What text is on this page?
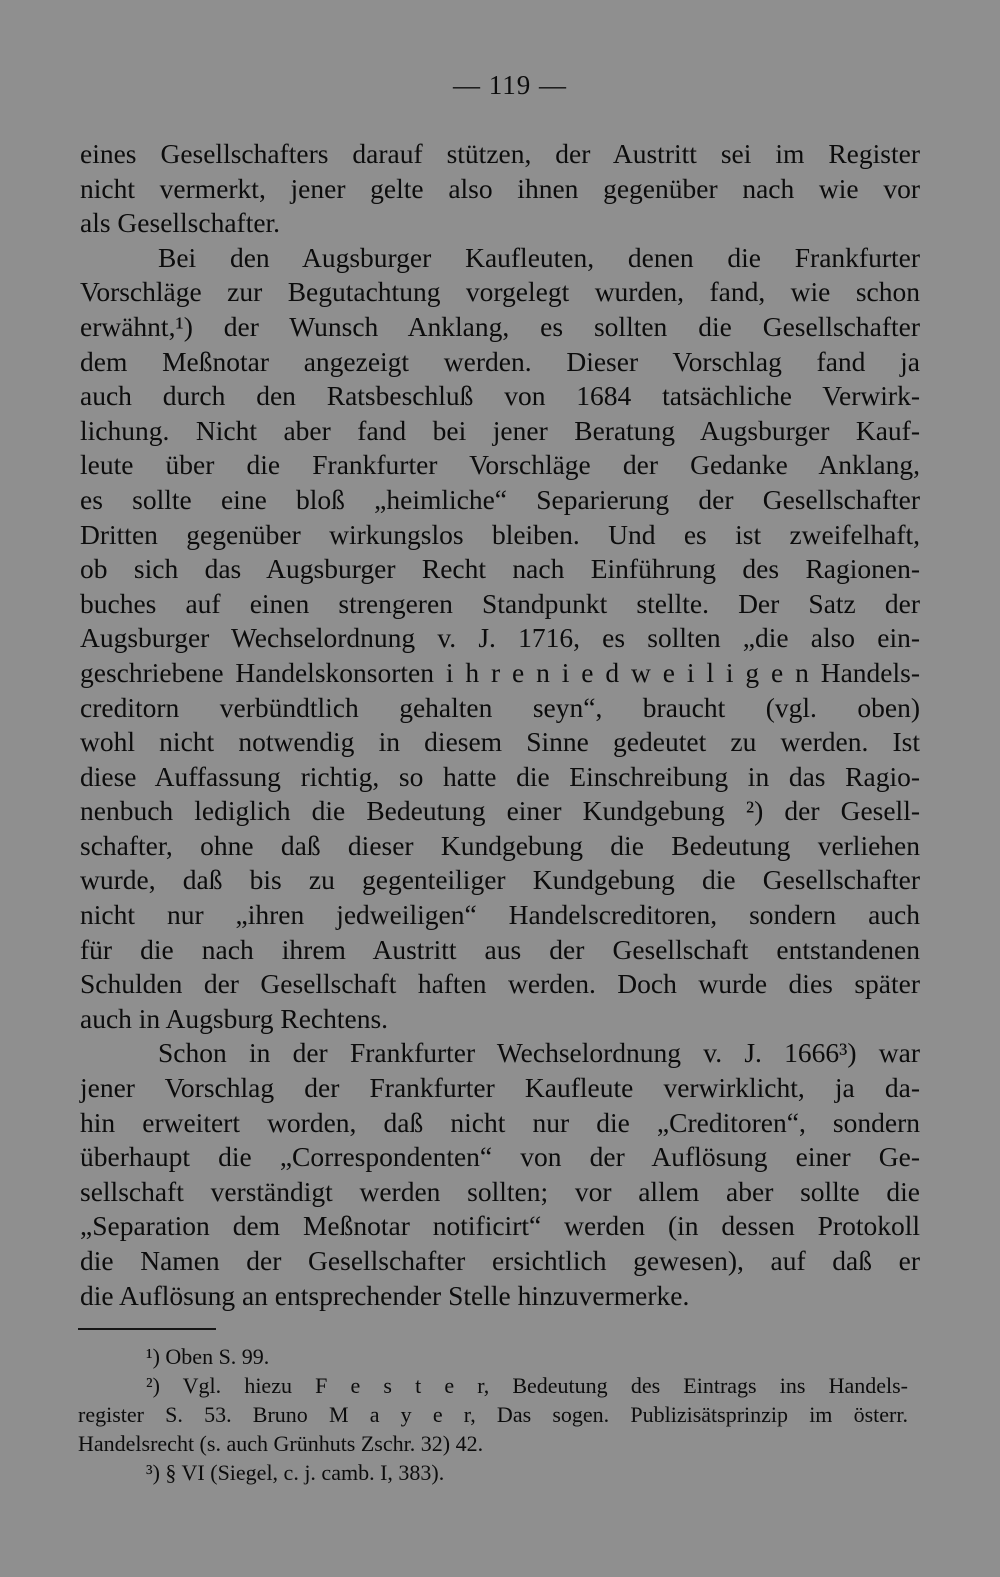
— 119 —
eines Gesellschafters darauf stützen, der Austritt sei im Register
nicht vermerkt, jener gelte also ihnen gegenüber nach wie vor
als Gesellschafter.
Bei den Augsburger Kaufleuten, denen die Frankfurter
Vorschläge zur Begutachtung vorgelegt wurden, fand, wie schon
erwähnt,¹) der Wunsch Anklang, es sollten die Gesellschafter
dem Meßnotar angezeigt werden. Dieser Vorschlag fand ja
auch durch den Ratsbeschluß von 1684 tatsächliche Verwirk-
lichung. Nicht aber fand bei jener Beratung Augsburger Kauf-
leute über die Frankfurter Vorschläge der Gedanke Anklang,
es sollte eine bloß „heimliche“ Separierung der Gesellschafter
Dritten gegenüber wirkungslos bleiben. Und es ist zweifelhaft,
ob sich das Augsburger Recht nach Einführung des Ragionen-
buches auf einen strengeren Standpunkt stellte. Der Satz der
Augsburger Wechselordnung v. J. 1716, es sollten „die also ein-
geschriebene Handelskonsorten i h r e n i e d w e i l i g e n Handels-
creditorn verbündtlich gehalten seyn“, braucht (vgl. oben)
wohl nicht notwendig in diesem Sinne gedeutet zu werden. Ist
diese Auffassung richtig, so hatte die Einschreibung in das Ragio-
nenbuch lediglich die Bedeutung einer Kundgebung ²) der Gesell-
schafter, ohne daß dieser Kundgebung die Bedeutung verliehen
wurde, daß bis zu gegenteiliger Kundgebung die Gesellschafter
nicht nur „ihren jedweiligen“ Handelscreditoren, sondern auch
für die nach ihrem Austritt aus der Gesellschaft entstandenen
Schulden der Gesellschaft haften werden. Doch wurde dies später
auch in Augsburg Rechtens.
Schon in der Frankfurter Wechselordnung v. J. 1666³) war
jener Vorschlag der Frankfurter Kaufleute verwirklicht, ja da-
hin erweitert worden, daß nicht nur die „Creditoren“, sondern
überhaupt die „Correspondenten“ von der Auflösung einer Ge-
sellschaft verständigt werden sollten; vor allem aber sollte die
„Separation dem Meßnotar notificirt“ werden (in dessen Protokoll
die Namen der Gesellschafter ersichtlich gewesen), auf daß er
die Auflösung an entsprechender Stelle hinzuvermerke.
¹) Oben S. 99.
²) Vgl. hiezu F e s t e r, Bedeutung des Eintrags ins Handels-
register S. 53. Bruno M a y e r, Das sogen. Publizisätsprinzip im österr.
Handelsrecht (s. auch Grünhuts Zschr. 32) 42.
³) § VI (Siegel, c. j. camb. I, 383).
